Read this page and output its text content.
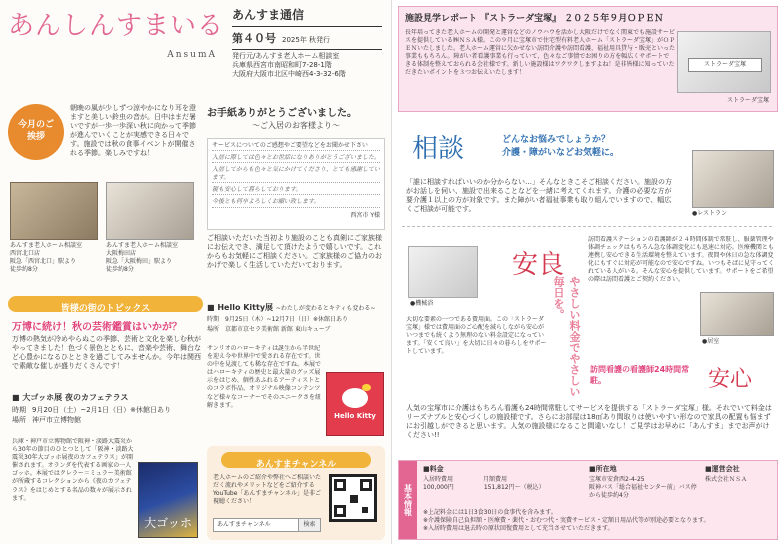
あんしんすまいる
AnsumA
あんすま通信
第４０号 2025年 秋発行
発行元/あんすま老人ホーム相談室
兵庫県西宮市南昭和町7-28-1階
大阪府大阪市北区中崎西4-3-32-6階
今月のご挨拶
朝晩の風が少しずつ涼やかになり耳を澄ますと美しい鈴虫の音が。日中はまだ暑いですが一歩一歩深い秋に向かって季節が進んでいくことが実感できる日々です。施設では秋の食事イベントが開催される季節。楽しみですね！
あんすま老人ホーム相談室
西宮北口店
阪急「西宮北口」駅より
徒歩約8分
あんすま老人ホーム相談室
大阪梅田店
阪急「大阪梅田」駅より
徒歩約8分
お手紙ありがとうございました。
～ご入居のお客様より～
サービスについてのご感想やご要望などをお聞かせ下さい
入居に際しては色々とお世話になりありがとうございました。
入居してからも色々と気にかけてくださり、とても感謝しています。
親も安心して暮らしております。
今後とも何卒よろしくお願い致します。
西宮市 Y様
ご相談いただいた当初より施設のことも真剣にご家族様にお伝えでき、満足して頂けたようで嬉しいです。これからもお気軽にご相談ください。ご家族様のご協力のおかげで楽しく生活していただいております。
皆様の街のトピックス
万博に続け！秋の芸術鑑賞はいかが？
万博の熱気が冷めやらぬこの季節、芸術と文化を楽しむ秋がやってきました！色づく景色とともに、音楽や芸術、舞台など心豊かになるひとときを過ごしてみませんか。今年は関西で素敵な催しが盛りだくさんです！
■ 大ゴッホ展 夜のカフェテラス
時期 9月20日（土）~2月1日（日）※休館日あり
場所 神戸市立博物館
兵庫・神戸市立博物館で阪神・淡路大震災から30年の節目のひとつとして「阪神・淡路大震災30年大ゴッホ展夜のカフェテラス」が開催されます。オランダを代表する画家の一人ゴッホ。本展ではクレラー＝ミュラー美術館が所蔵するコレクションから《夜のカフェテラス》をはじめとする名品の数々が展示されます。
大ゴッホ
■ Hello Kitty展 ~わたしが変わるとキティも変わる~
時期 9月25日（木）~12月7日（日）※休館日あり
場所 京都市京セラ美術館 新館 東山キューブ
サンリオのハローキティは誕生から半世紀を迎え今や世界中で愛される存在です。世の中を見渡しても稀な存在ですね。本展ではハローキティの歴史と最大量のグッズ展示をはじめ、個性あふれるアーティストとのコラボ作品、オリジナル映像コンテンツなど様々なコーナーでそのユニークさを紐解きます。
Hello Kitty
あんすまチャンネル
老人ホームのご紹介や弊社へご相談いただく流れやメリットなどをご紹介するYouTube「あんすまチャンネル」是非ご視聴ください！
あんすまチャンネル	検索
施設見学レポート 『ストラーダ宝塚』 ２０２５年９月ＯＰＥＮ
長年培ってきた老人ホームの開発と運営などのノウハウを活かし大阪だけでなく関東でも施設サービスを提供している㈱ＮＳＡ様。この９月に宝塚市で住宅型有料老人ホーム「ストラーダ宝塚」がＯＰＥＮいたしました。老人ホーム運営に欠かせない訪問介護や訪問看護、福祉用具貸与・販売といった事業ももちろん。障がい者看護事業も行っていて、色々なご事情でお困りの方を幅広くサポートできる体制を整えておられる会社様です。新しい施設様はワクワクしますよね！是非皆様に知っていただきたいポイントを３つお伝えいたします！
ストラーダ宝塚
ストラーダ宝塚
相談	どんなお悩みでしょうか？
介護・障がいなどお気軽に。
「誰に相談すればいいのか分からない…」そんなときこそご相談ください。施設の方がお話しを伺い、施設で出来ることなどを一緒に考えてくれます。介護の必要な方が要介護１以上の方が対象です。また障がい者福祉事業も取り組んでいますので、幅広くご相談が可能です。
●レストラン
●機械浴
安良
やさしい料金でやさしい毎日を。
大切な要素の一つである費用面。この「ストラーダ宝塚」様では費用面のご心配を減らしながら安心がいつまでも続くよう無理のない料金設定になっています。「安くて良い」を大切に日々の暮らしをサポートしています。
訪問看護ステーションの看護師が２４時間体制で常駐し、服薬管理や体調チェックはもちろん急な体調変化にも迅速に対応。医療機関とも連携し安心できる生活環境を整えています。夜間や休日の急な体調変化にもすぐに対応が可能なので安心ですね。いつもそばに見守ってくれている人がいる。そんな安心を提供しています。サポートをご希望の際は訪問看護とご契約ください。
●居室
訪問看護の看護師24時間常駐。	安心
人気の宝塚市に介護はもちろん看護も24時間常駐してサービスを提供する「ストラーダ宝塚」様。それでいて料金はリーズナブルと安心づくしの施設様です。さらにお部屋は18㎡あり間取りは使いやすい形なので家具の配置も悩まずにお引越しができると思います。人気の施設様になること間違いなし！ご見学はお早めに「あんすま」までお声がけください!!
基本情報
■料金
入居時費用	月額費用
100,000円	151,812円～（税込）
■所在地
宝塚市安倉西2-4-25
阪神バス「総合福祉センター前」バス停から徒歩約4分
■運営会社
株式会社ＮＳＡ
※上記料金には1日3食30日の食事代を含みます。
※介護保険自己負担額・医療費・薬代・おむつ代・実費サービス・定額日用品代等が別途必要となります。
※入居時費用は退去時の原状回復費用として充当させていただきます。
